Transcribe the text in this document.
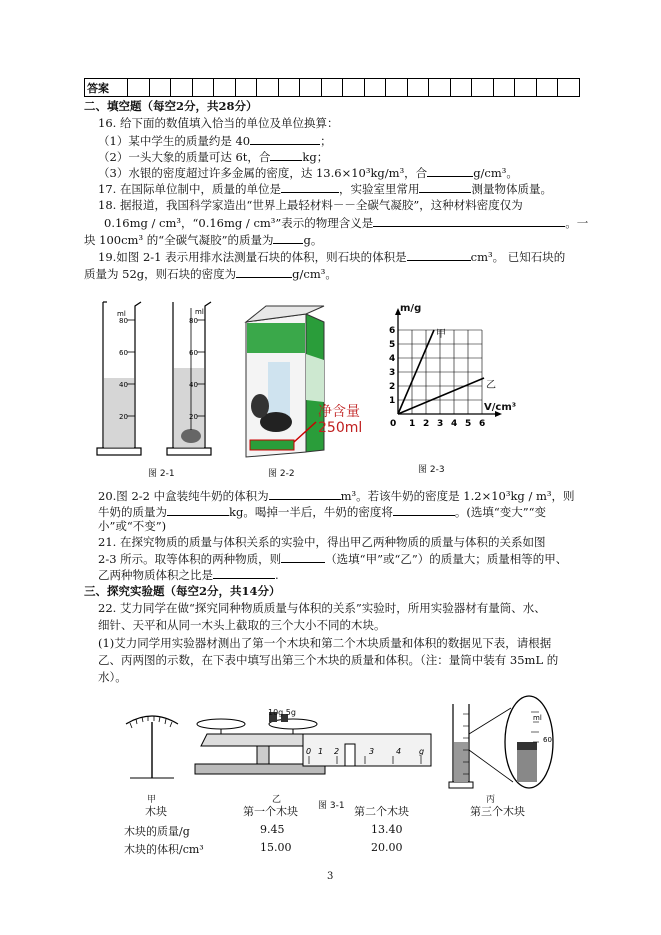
答案																					
二、填空题（每空2分，共28分）
16. 给下面的数值填入恰当的单位及单位换算：
（1）某中学生的质量约是 40	；
（2）一头大象的质量可达 6t，合	kg；
（3）水银的密度超过许多金属的密度，达 13.6×10³kg/m³，合	g/cm³。
17. 在国际单位制中，质量的单位是	，实验室里常用	测量物体质量。
18. 据报道，我国科学家造出“世界上最轻材料－－全碳气凝胶”，这种材料密度仅为
0.16mg / cm³，“0.16mg / cm³”表示的物理含义是	。一
块 100cm³ 的“全碳气凝胶”的质量为	g。
19.如图 2-1 表示用排水法测量石块的体积，则石块的体积是	cm³。 已知石块的
质量为 52g，则石块的密度为	g/cm³。
ml
80
60
40
20
ml
80
60
40
20
图 2-1
净含量
250ml
图 2-2
6
5
4
3
2
1
0 1 2 3 4 5 6
m/g
V/cm³
甲
乙
图 2-3
20.图 2-2 中盒装纯牛奶的体积为	m³。若该牛奶的密度是 1.2×10³kg / m³，则
牛奶的质量为	kg。喝掉一半后，牛奶的密度将	。(选填“变大”“变
小”或“不变”)
21. 在探究物质的质量与体积关系的实验中，得出甲乙两种物质的质量与体积的关系如图
2-3 所示。取等体积的两种物质，则	（选填“甲”或“乙”）的质量大；质量相等的甲、
乙两种物质体积之比是	.
三、探究实验题（每空2分，共14分）
22. 艾力同学在做“探究同种物质质量与体积的关系”实验时，所用实验器材有量筒、水、
细针、天平和从同一木头上截取的三个大小不同的木块。
(1)艾力同学用实验器材测出了第一个木块和第二个木块质量和体积的数据见下表，请根据
乙、丙两图的示数，在下表中填写出第三个木块的质量和体积。（注：量筒中装有 35mL 的
水）。
甲
0 1 2	3	4 g
10g 5g
乙
图 3-1
ml
60
丙
木块	第一个木块	第二个木块	第三个木块
木块的质量/g	9.45	13.40
木块的体积/cm³	15.00	20.00
3
